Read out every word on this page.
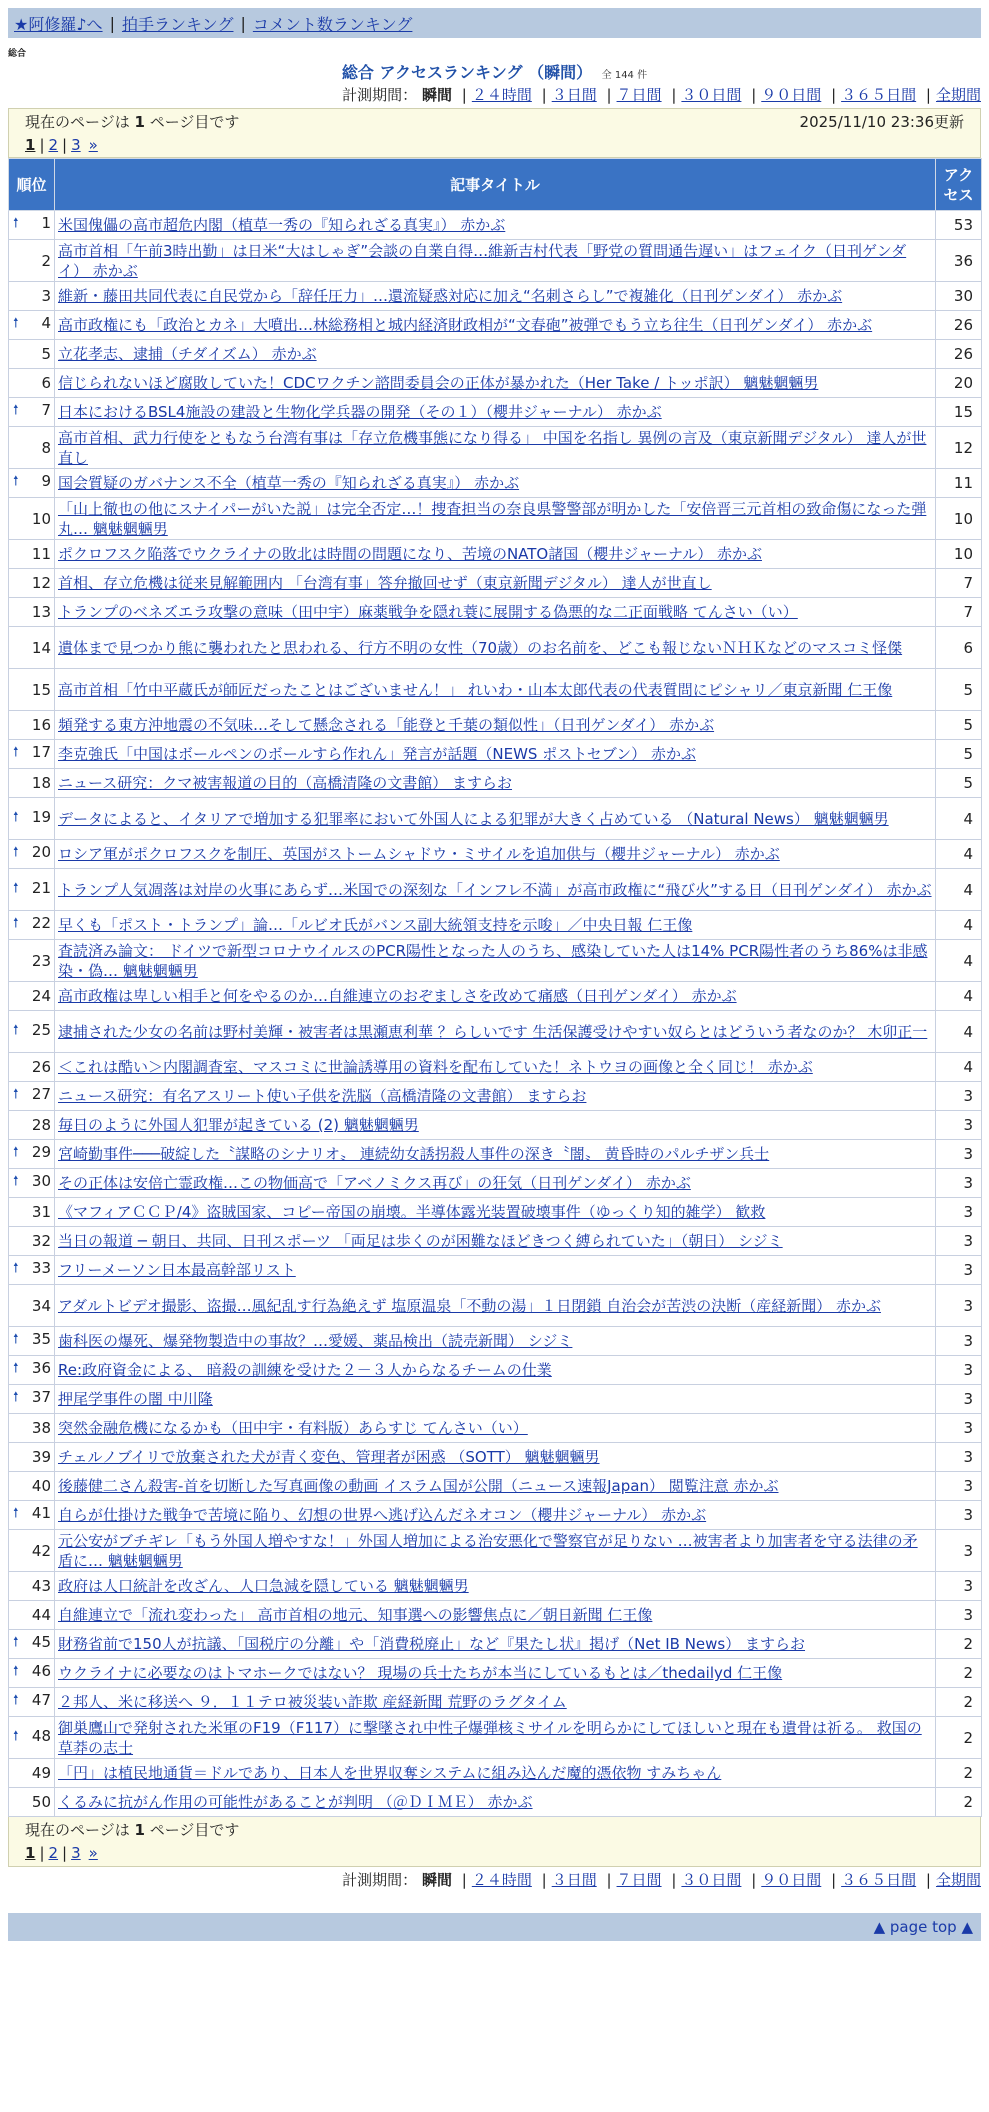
★阿修羅♪へ | 拍手ランキング | コメント数ランキング
総合
総合 アクセスランキング （瞬間） 全 144 件
計測期間： 瞬間 | ２４時間 | ３日間 | ７日間 | ３０日間 | ９０日間 | ３６５日間 | 全期間
現在のページは 1 ページ目です	2025/11/10 23:36更新
1 | 2 | 3 »
順位	記事タイトル	アクセス

🠕 1	米国傀儡の高市超危内閣（植草一秀の『知られざる真実』） 赤かぶ	53
2	高市首相「午前3時出勤」は日米“大はしゃぎ”会談の自業自得…維新吉村代表「野党の質問通告遅い」はフェイク（日刊ゲンダイ） 赤かぶ	36
3	維新・藤田共同代表に自民党から「辞任圧力」…還流疑惑対応に加え“名刺さらし”で複雑化（日刊ゲンダイ） 赤かぶ	30

🠕 4	高市政権にも「政治とカネ」大噴出…林総務相と城内経済財政相が“文春砲”被弾でもう立ち往生（日刊ゲンダイ） 赤かぶ	26
5	立花孝志、逮捕（チダイズム） 赤かぶ	26
6	信じられないほど腐敗していた！CDCワクチン諮問委員会の正体が暴かれた（Her Take / トッポ訳） 魑魅魍魎男	20

🠕 7	日本におけるBSL4施設の建設と生物化学兵器の開発（その１）（櫻井ジャーナル） 赤かぶ	15
8	高市首相、武力行使をともなう台湾有事は「存立危機事態になり得る」 中国を名指し 異例の言及（東京新聞デジタル） 達人が世直し	12

🠕 9	国会質疑のガバナンス不全（植草一秀の『知られざる真実』） 赤かぶ	11
10	「山上徹也の他にスナイパーがいた説」は完全否定…！捜査担当の奈良県警警部が明かした「安倍晋三元首相の致命傷になった弾丸… 魑魅魍魎男	10
11	ポクロフスク陥落でウクライナの敗北は時間の問題になり、苦境のNATO諸国（櫻井ジャーナル） 赤かぶ	10
12	首相、存立危機は従来見解範囲内 「台湾有事」答弁撤回せず（東京新聞デジタル） 達人が世直し	7
13	トランプのベネズエラ攻撃の意味（田中宇）麻薬戦争を隠れ蓑に展開する偽悪的な二正面戦略 てんさい（い）	7
14	遺体まで見つかり熊に襲われたと思われる、行方不明の女性（70歳）のお名前を、どこも報じないＮＨＫなどのマスコミ怪傑	6
15	高市首相「竹中平蔵氏が師匠だったことはございません！」 れいわ・山本太郎代表の代表質問にピシャリ／東京新聞 仁王像	5
16	頻発する東方沖地震の不気味…そして懸念される「能登と千葉の類似性」（日刊ゲンダイ） 赤かぶ	5

🠕 17	李克強氏「中国はボールペンのボールすら作れん」発言が話題（NEWS ポストセブン） 赤かぶ	5
18	ニュース研究：クマ被害報道の目的（高橋清隆の文書館） ますらお	5

🠕 19	データによると、イタリアで増加する犯罪率において外国人による犯罪が大きく占めている （Natural News） 魑魅魍魎男	4

🠕 20	ロシア軍がポクロフスクを制圧、英国がストームシャドウ・ミサイルを追加供与（櫻井ジャーナル） 赤かぶ	4

🠕 21	トランプ人気凋落は対岸の火事にあらず…米国での深刻な「インフレ不満」が高市政権に“飛び火”する日（日刊ゲンダイ） 赤かぶ	4

🠕 22	早くも「ポスト・トランプ」論…「ルビオ氏がバンス副大統領支持を示唆」／中央日報 仁王像	4
23	査読済み論文： ドイツで新型コロナウイルスのPCR陽性となった人のうち、感染していた人は14% PCR陽性者のうち86%は非感染・偽… 魑魅魍魎男	4
24	高市政権は卑しい相手と何をやるのか…自維連立のおぞましさを改めて痛感（日刊ゲンダイ） 赤かぶ	4

🠕 25	逮捕された少女の名前は野村美輝・被害者は黒瀬恵利華 ？らしいです 生活保護受けやすい奴らとはどういう者なのか？ 木卯正一	4
26	＜これは酷い＞内閣調査室、マスコミに世論誘導用の資料を配布していた！ネトウヨの画像と全く同じ！ 赤かぶ	4

🠕 27	ニュース研究：有名アスリート使い子供を洗脳（高橋清隆の文書館） ますらお	3
28	毎日のように外国人犯罪が起きている (2) 魑魅魍魎男	3

🠕 29	宮崎勤事件───破綻した〝謀略のシナリオ〟 連続幼女誘拐殺人事件の深き〝闇〟 黄昏時のパルチザン兵士	3

🠕 30	その正体は安倍亡霊政権…この物価高で「アベノミクス再び」の狂気（日刊ゲンダイ） 赤かぶ	3
31	《マフィアＣＣＰ/4》盗賊国家、コピー帝国の崩壊。半導体露光装置破壊事件（ゆっくり知的雑学） 歓救	3
32	当日の報道 ─ 朝日、共同、日刊スポーツ 「両足は歩くのが困難なほどきつく縛られていた」（朝日） シジミ	3

🠕 33	フリーメーソン日本最高幹部リスト	3
34	アダルトビデオ撮影、盗撮…風紀乱す行為絶えず 塩原温泉「不動の湯」１日閉鎖 自治会が苦渋の決断（産経新聞） 赤かぶ	3

🠕 35	歯科医の爆死、爆発物製造中の事故？…愛媛、薬品検出（読売新聞） シジミ	3

🠕 36	Re:政府資金による、 暗殺の訓練を受けた２－３人からなるチームの仕業	3

🠕 37	押尾学事件の闇 中川隆	3
38	突然金融危機になるかも（田中宇・有料版）あらすじ てんさい（い）	3
39	チェルノブイリで放棄された犬が青く変色、管理者が困惑 （SOTT） 魑魅魍魎男	3
40	後藤健二さん殺害-首を切断した写真画像の動画 イスラム国が公開（ニュース速報Japan） 閲覧注意 赤かぶ	3

🠕 41	自らが仕掛けた戦争で苦境に陥り、幻想の世界へ逃げ込んだネオコン（櫻井ジャーナル） 赤かぶ	3
42	元公安がブチギレ「もう外国人増やすな！」外国人増加による治安悪化で警察官が足りない …被害者より加害者を守る法律の矛盾に… 魑魅魍魎男	3
43	政府は人口統計を改ざん、人口急減を隠している 魑魅魍魎男	3
44	自維連立で「流れ変わった」 高市首相の地元、知事選への影響焦点に／朝日新聞 仁王像	3

🠕 45	財務省前で150人が抗議、「国税庁の分離」や「消費税廃止」など『果たし状』掲げ（Net IB News） ますらお	2

🠕 46	ウクライナに必要なのはトマホークではない？ 現場の兵士たちが本当にしているもとは／thedailyd 仁王像	2

🠕 47	２邦人、米に移送へ ９．１１テロ被災装い詐欺 産経新聞 荒野のラグタイム	2

🠕 48	御巣鷹山で発射された米軍のF19（F117）に撃墜され中性子爆弾核ミサイルを明らかにしてほしいと現在も遺骨は祈る。 救国の草莽の志士	2
49	「円」は植民地通貨＝ドルであり、日本人を世界収奪システムに組み込んだ魔的憑依物 すみちゃん	2
50	くるみに抗がん作用の可能性があることが判明 （＠ＤＩＭＥ） 赤かぶ	2
現在のページは 1 ページ目です
1 | 2 | 3 »
計測期間： 瞬間 | ２４時間 | ３日間 | ７日間 | ３０日間 | ９０日間 | ３６５日間 | 全期間
▲ page top ▲
